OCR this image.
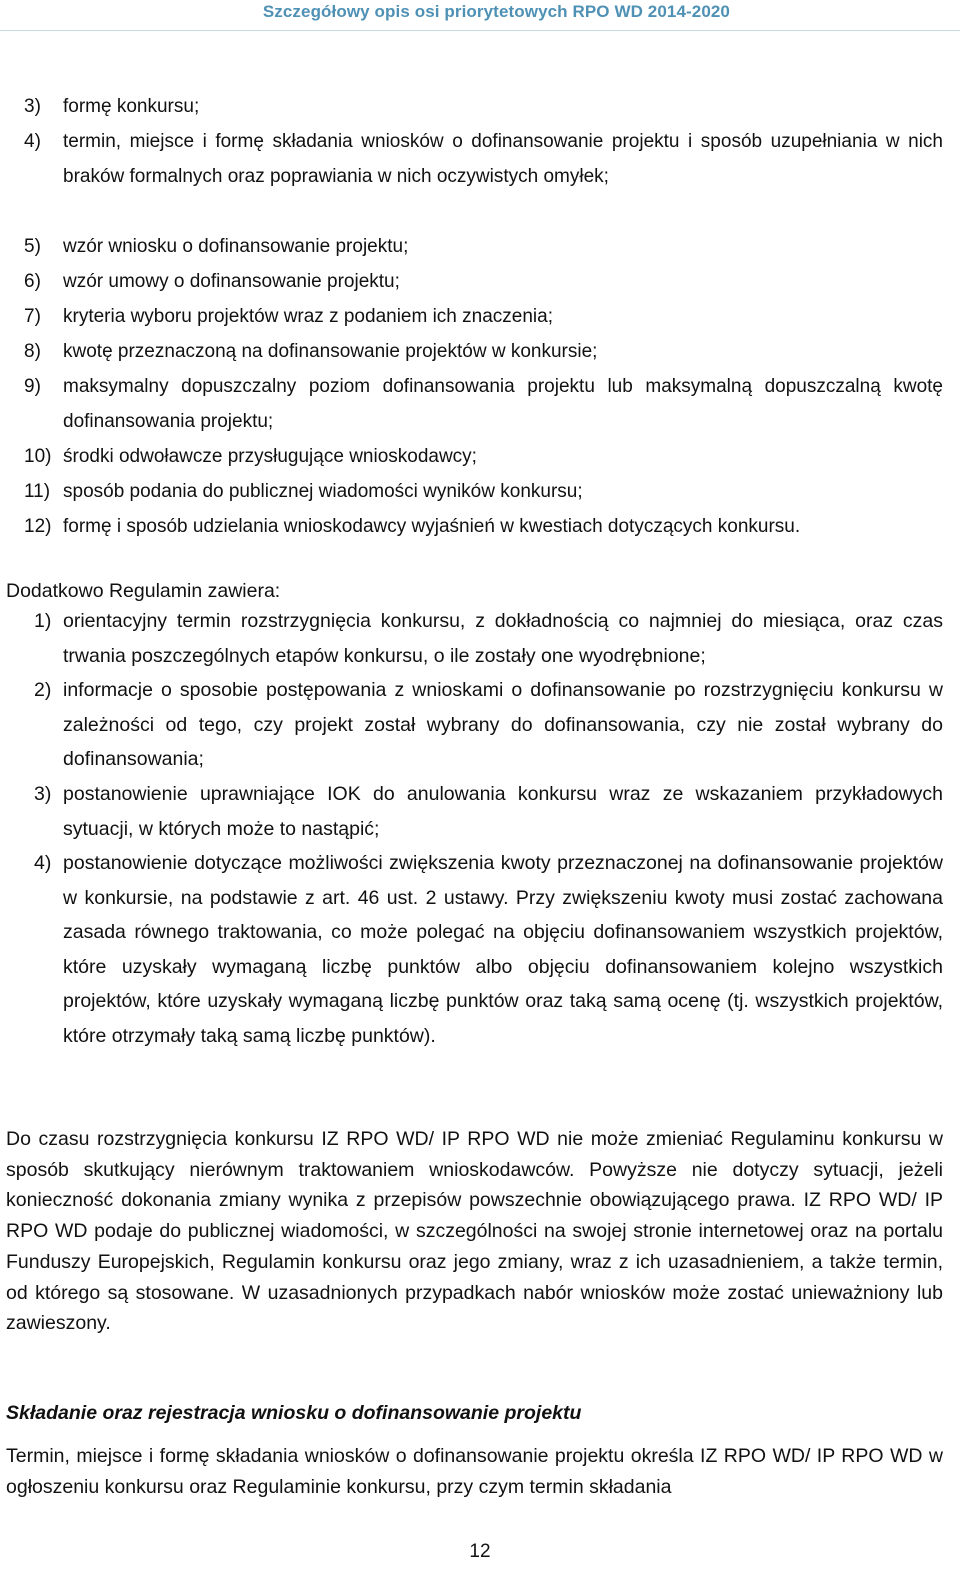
Szczegółowy opis osi priorytetowych RPO WD 2014-2020
3)	formę konkursu;
4)	termin, miejsce i formę składania wniosków o dofinansowanie projektu i sposób uzupełniania w nich braków formalnych oraz poprawiania w nich oczywistych omyłek;
5)	wzór wniosku o dofinansowanie projektu;
6)	wzór umowy o dofinansowanie projektu;
7)	kryteria wyboru projektów wraz z podaniem ich znaczenia;
8)	kwotę przeznaczoną na dofinansowanie projektów w konkursie;
9)	maksymalny dopuszczalny poziom dofinansowania projektu lub maksymalną dopuszczalną kwotę dofinansowania projektu;
10) środki odwoławcze przysługujące wnioskodawcy;
11) sposób podania do publicznej wiadomości wyników konkursu;
12) formę i sposób udzielania wnioskodawcy wyjaśnień w kwestiach dotyczących konkursu.
Dodatkowo Regulamin zawiera:
1) orientacyjny termin rozstrzygnięcia konkursu, z dokładnością co najmniej do miesiąca, oraz czas trwania poszczególnych etapów konkursu, o ile zostały one wyodrębnione;
2) informacje o sposobie postępowania z wnioskami o dofinansowanie po rozstrzygnięciu konkursu w zależności od tego, czy projekt został wybrany do dofinansowania, czy nie został wybrany do dofinansowania;
3) postanowienie uprawniające IOK do anulowania konkursu wraz ze wskazaniem przykładowych sytuacji, w których może to nastąpić;
4) postanowienie dotyczące możliwości zwiększenia kwoty przeznaczonej na dofinansowanie projektów w konkursie, na podstawie z art. 46 ust. 2 ustawy. Przy zwiększeniu kwoty musi zostać zachowana zasada równego traktowania, co może polegać na objęciu dofinansowaniem wszystkich projektów, które uzyskały wymaganą liczbę punktów albo objęciu dofinansowaniem kolejno wszystkich projektów, które uzyskały wymaganą liczbę punktów oraz taką samą ocenę (tj. wszystkich projektów, które otrzymały taką samą liczbę punktów).
Do czasu rozstrzygnięcia konkursu IZ RPO WD/ IP RPO WD nie może zmieniać Regulaminu konkursu w sposób skutkujący nierównym traktowaniem wnioskodawców. Powyższe nie dotyczy sytuacji, jeżeli konieczność dokonania zmiany wynika z przepisów powszechnie obowiązującego prawa. IZ RPO WD/ IP RPO WD podaje do publicznej wiadomości, w szczególności na swojej stronie internetowej oraz na portalu Funduszy Europejskich, Regulamin konkursu oraz jego zmiany, wraz z ich uzasadnieniem, a także termin, od którego są stosowane. W uzasadnionych przypadkach nabór wniosków może zostać unieważniony lub zawieszony.
Składanie oraz rejestracja wniosku o dofinansowanie projektu
Termin, miejsce i formę składania wniosków o dofinansowanie projektu określa IZ RPO WD/ IP RPO WD w ogłoszeniu konkursu oraz Regulaminie konkursu, przy czym termin składania
12
